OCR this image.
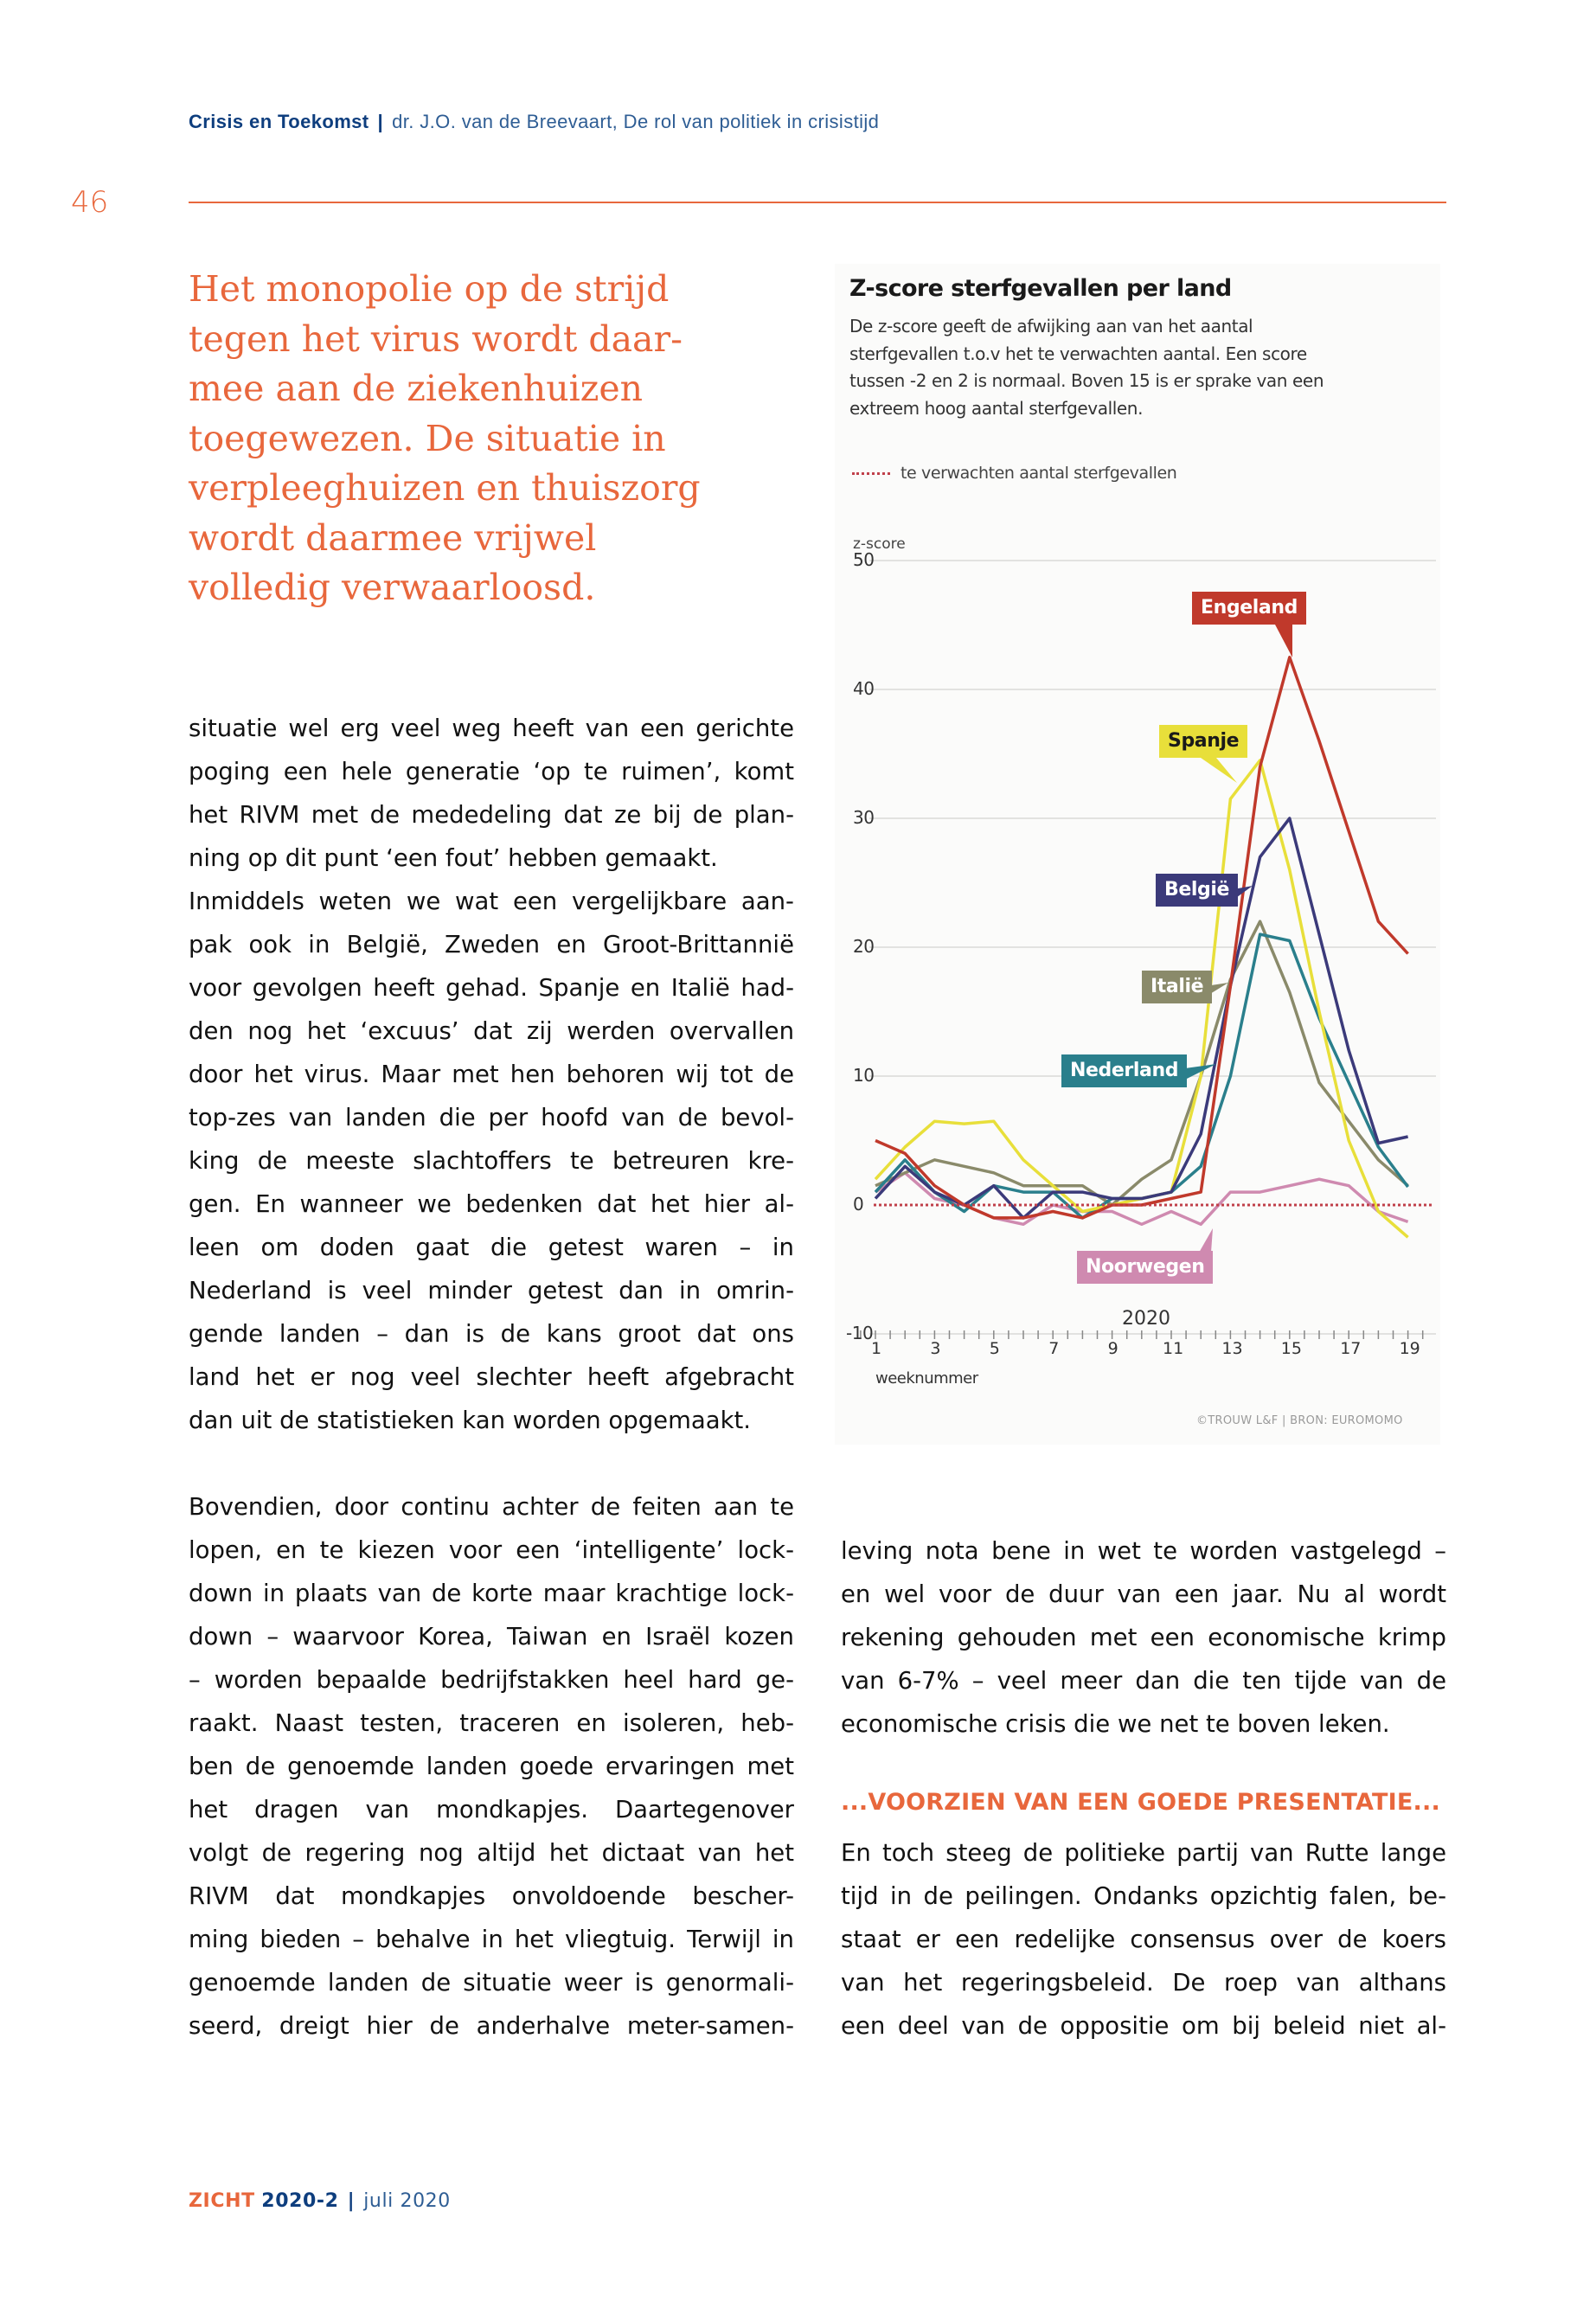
Crisis en Toekomst | dr. J.O. van de Breevaart, De rol van politiek in crisistijd
46
Het monopolie op de strijd
tegen het virus wordt daar-
mee aan de ziekenhuizen
toegewezen. De situatie in
verpleeghuizen en thuiszorg
wordt daarmee vrijwel
volledig verwaarloosd.
situatie wel erg veel weg heeft van een gerichte
poging een hele generatie ‘op te ruimen’, komt
het RIVM met de mededeling dat ze bij de plan-
ning op dit punt ‘een fout’ hebben gemaakt.
Inmiddels weten we wat een vergelijkbare aan-
pak ook in België, Zweden en Groot-Brittannië
voor gevolgen heeft gehad. Spanje en Italië had-
den nog het ‘excuus’ dat zij werden overvallen
door het virus. Maar met hen behoren wij tot de
top-zes van landen die per hoofd van de bevol-
king de meeste slachtoffers te betreuren kre-
gen. En wanneer we bedenken dat het hier al-
leen om doden gaat die getest waren – in
Nederland is veel minder getest dan in omrin-
gende landen – dan is de kans groot dat ons
land het er nog veel slechter heeft afgebracht
dan uit de statistieken kan worden opgemaakt.
Bovendien, door continu achter de feiten aan te
lopen, en te kiezen voor een ‘intelligente’ lock-
down in plaats van de korte maar krachtige lock-
down – waarvoor Korea, Taiwan en Israël kozen
– worden bepaalde bedrijfstakken heel hard ge-
raakt. Naast testen, traceren en isoleren, heb-
ben de genoemde landen goede ervaringen met
het dragen van mondkapjes. Daartegenover
volgt de regering nog altijd het dictaat van het
RIVM dat mondkapjes onvoldoende bescher-
ming bieden – behalve in het vliegtuig. Terwijl in
genoemde landen de situatie weer is genormali-
seerd, dreigt hier de anderhalve meter-samen-
Z-score sterfgevallen per land
De z-score geeft de afwijking aan van het aantal
sterfgevallen t.o.v het te verwachten aantal. Een score
tussen -2 en 2 is normaal. Boven 15 is er sprake van een
extreem hoog aantal sterfgevallen.
te verwachten aantal sterfgevallen
z-score
-10
0
10
20
30
40
50
1	3	5	7	9	11 13 15 17 19
Engeland
Spanje
België
Italië
Nederland
Noorwegen
2020
weeknummer
©TROUW L&F | BRON: EUROMOMO
leving nota bene in wet te worden vastgelegd –
en wel voor de duur van een jaar. Nu al wordt
rekening gehouden met een economische krimp
van 6-7% – veel meer dan die ten tijde van de
economische crisis die we net te boven leken.
...VOORZIEN VAN EEN GOEDE PRESENTATIE...
En toch steeg de politieke partij van Rutte lange
tijd in de peilingen. Ondanks opzichtig falen, be-
staat er een redelijke consensus over de koers
van het regeringsbeleid. De roep van althans
een deel van de oppositie om bij beleid niet al-
ZICHT 2020-2 | juli 2020
